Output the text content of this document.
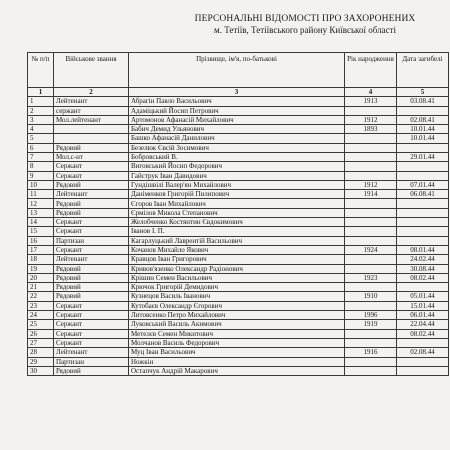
ПЕРСОНАЛЬНІ ВІДОМОСТІ ПРО ЗАХОРОНЕНИХ
м. Тетіїв, Тетіївського району Київської області
№ п/п	Військове звання	Прізвище, ім'я, по-батькові	Рік народження	Дата загибелі
1	2	3	4	5
1	Лейтенант	Абрагін Павло Васильович	1913	03.08.41
2	сержант	Адаміцький Йосип Петрович		
3	Мол.лейтенант	Артомонов Афанасій Михайлович	1912	02.08.41
4		Бабич Демид Ульянович	1893	10.01.44
5		Башко Афанасій Данилович		10.01.44
6	Рядовий	Безелюк Євсій Зосимович		
7	Мол.с-нт	Бобровський В.		29.01.44
8	Сержант	Виговський Йосип Федорович		
9	Сержант	Гайструк Іван Давидович		
10	Рядовий	Гундішвілі Валер'ян Михайлович	1912	07.01.44
11	Лейтенант	Даніменков Григорій Пилипович	1914	06.08.41
12	Рядовий	Єгоров Іван Михайлович		
13	Рядовий	Єрмілов Микола Степанович		
14	Сержант	Желобченко Костянтин Євдокимович		
15	Сержант	Іванов І. П.		
16	Партизан	Кагарлуцький Лаврентій Васильович		
17	Сержант	Кочанов Михайло Якович	1924	08.01.44
18	Лейтенант	Кравцов Іван Григорович		24.02.44
19	Рядовий	Кривов'язенко Олександр Радіонович		30.08.44
20	Рядовий	Крішин Семен Васильович	1923	08.02.44
21	Рядовий	Крючок Григорій Демидович		
22	Рядовий	Кузнецов Василь Іванович	1910	05.01.44
23	Сержант	Кутобаєв Олександр Єгорович		15.01.44
24	Сержант	Литовсенко Петро Михайлович	1996	06.01.44
25	Сержант	Луковський Василь Акимович	1919	22.04.44
26	Сержант	Метелєв Семен Микитович		08.02.44
27	Сержант	Молчанов Василь Федорович		
28	Лейтенант	Муц Іван Васильович	1916	02.08.44
29	Партизан	Ножкін		
30	Рядовий	Остапчук Андрій Макарович		
